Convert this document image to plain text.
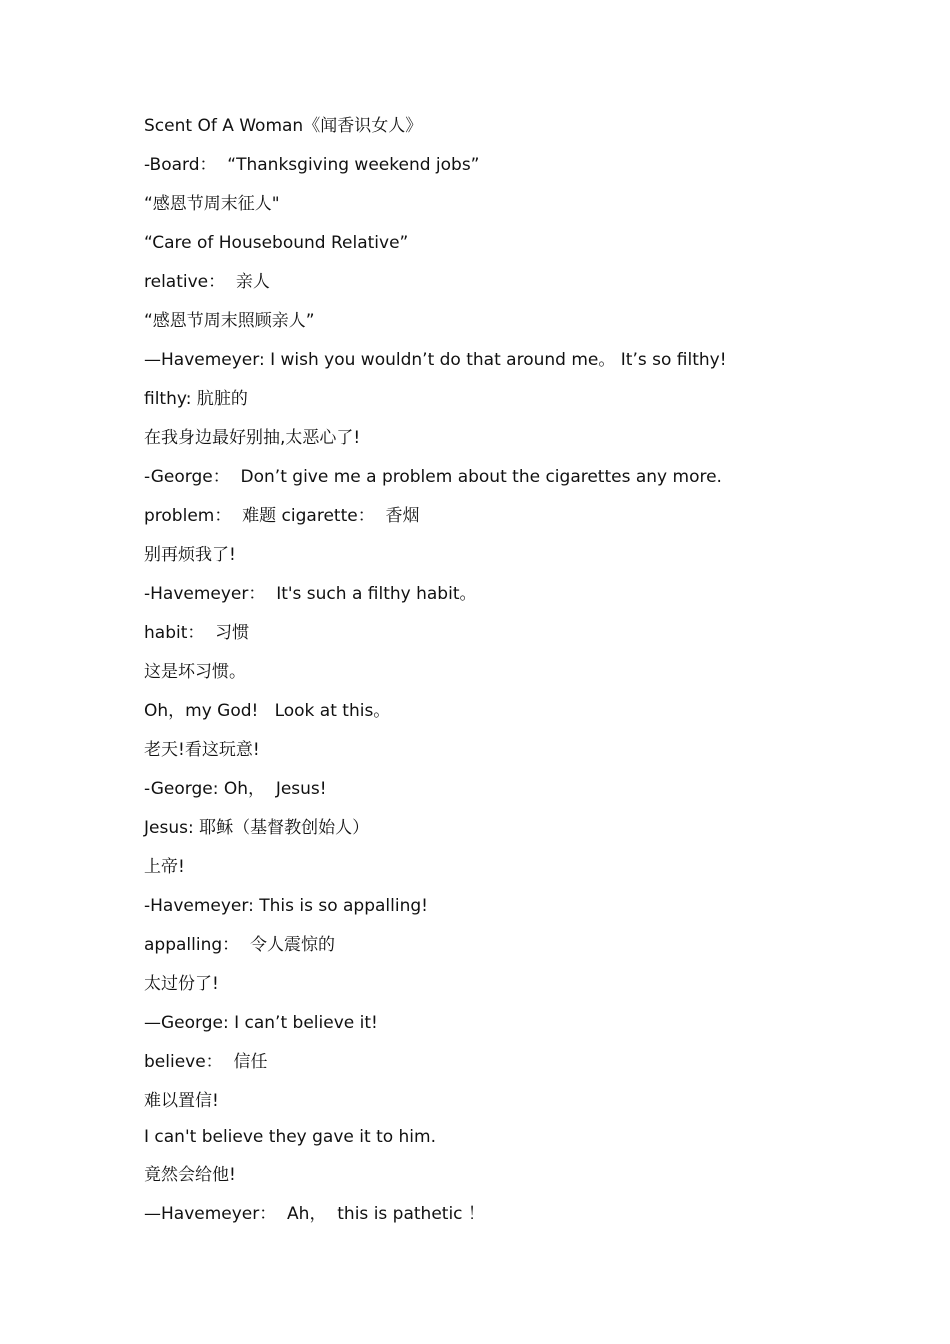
Scent Of A Woman《闻香识女人》
-Board：  “Thanksgiving weekend jobs”
“感恩节周末征人"
“Care of Housebound Relative”
relative：  亲人
“感恩节周末照顾亲人”
—Havemeyer: I wish you wouldn’t do that around me。 It’s so filthy!
filthy: 肮脏的
在我身边最好别抽,太恶心了!
-George：  Don’t give me a problem about the cigarettes any more.
problem：  难题 cigarette：  香烟
别再烦我了!
-Havemeyer：  It's such a filthy habit。
habit：  习惯
这是坏习惯。
Oh，my God!   Look at this。
老天!看这玩意!
-George: Oh，  Jesus!
Jesus: 耶稣（基督教创始人）
上帝!
-Havemeyer: This is so appalling!
appalling：  令人震惊的
太过份了!
—George: I can’t believe it!
believe：  信任
难以置信!
I can't believe they gave it to him.
竟然会给他!
—Havemeyer：  Ah，  this is pathetic ！
